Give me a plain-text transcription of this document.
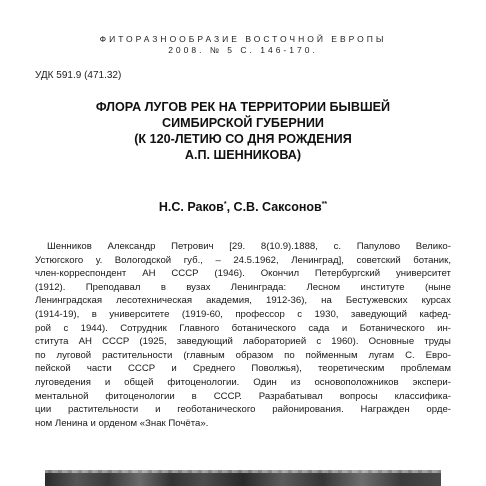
ФИТОРАЗНООБРАЗИЕ ВОСТОЧНОЙ ЕВРОПЫ
2008. № 5 С. 146-170.
УДК 591.9 (471.32)
ФЛОРА ЛУГОВ РЕК НА ТЕРРИТОРИИ БЫВШЕЙ
СИМБИРСКОЙ ГУБЕРНИИ
(К 120-ЛЕТИЮ СО ДНЯ РОЖДЕНИЯ
А.П. ШЕННИКОВА)
Н.С. Раков*, С.В. Саксонов**
Шенников Александр Петрович [29. 8(10.9).1888, с. Папулово Велико-
Устюгского у. Вологодской губ., – 24.5.1962, Ленинград], советский ботаник,
член-корреспондент АН СССР (1946). Окончил Петербургский университет
(1912). Преподавал в вузах Ленинграда: Лесном институте (ныне
Ленинградская лесотехническая академия, 1912-36), на Бестужевских курсах
(1914-19), в университете (1919-60, профессор с 1930, заведующий кафед-
рой с 1944). Сотрудник Главного ботанического сада и Ботанического ин-
ститута АН СССР (1925, заведующий лабораторией с 1960). Основные труды
по луговой растительности (главным образом по пойменным лугам С. Евро-
пейской части СССР и Среднего Поволжья), теоретическим проблемам
луговедения и общей фитоценологии. Один из основоположников экспери-
ментальной фитоценологии в СССР. Разрабатывал вопросы классифика-
ции растительности и геоботанического районирования. Награжден орде-
ном Ленина и орденом «Знак Почёта».
